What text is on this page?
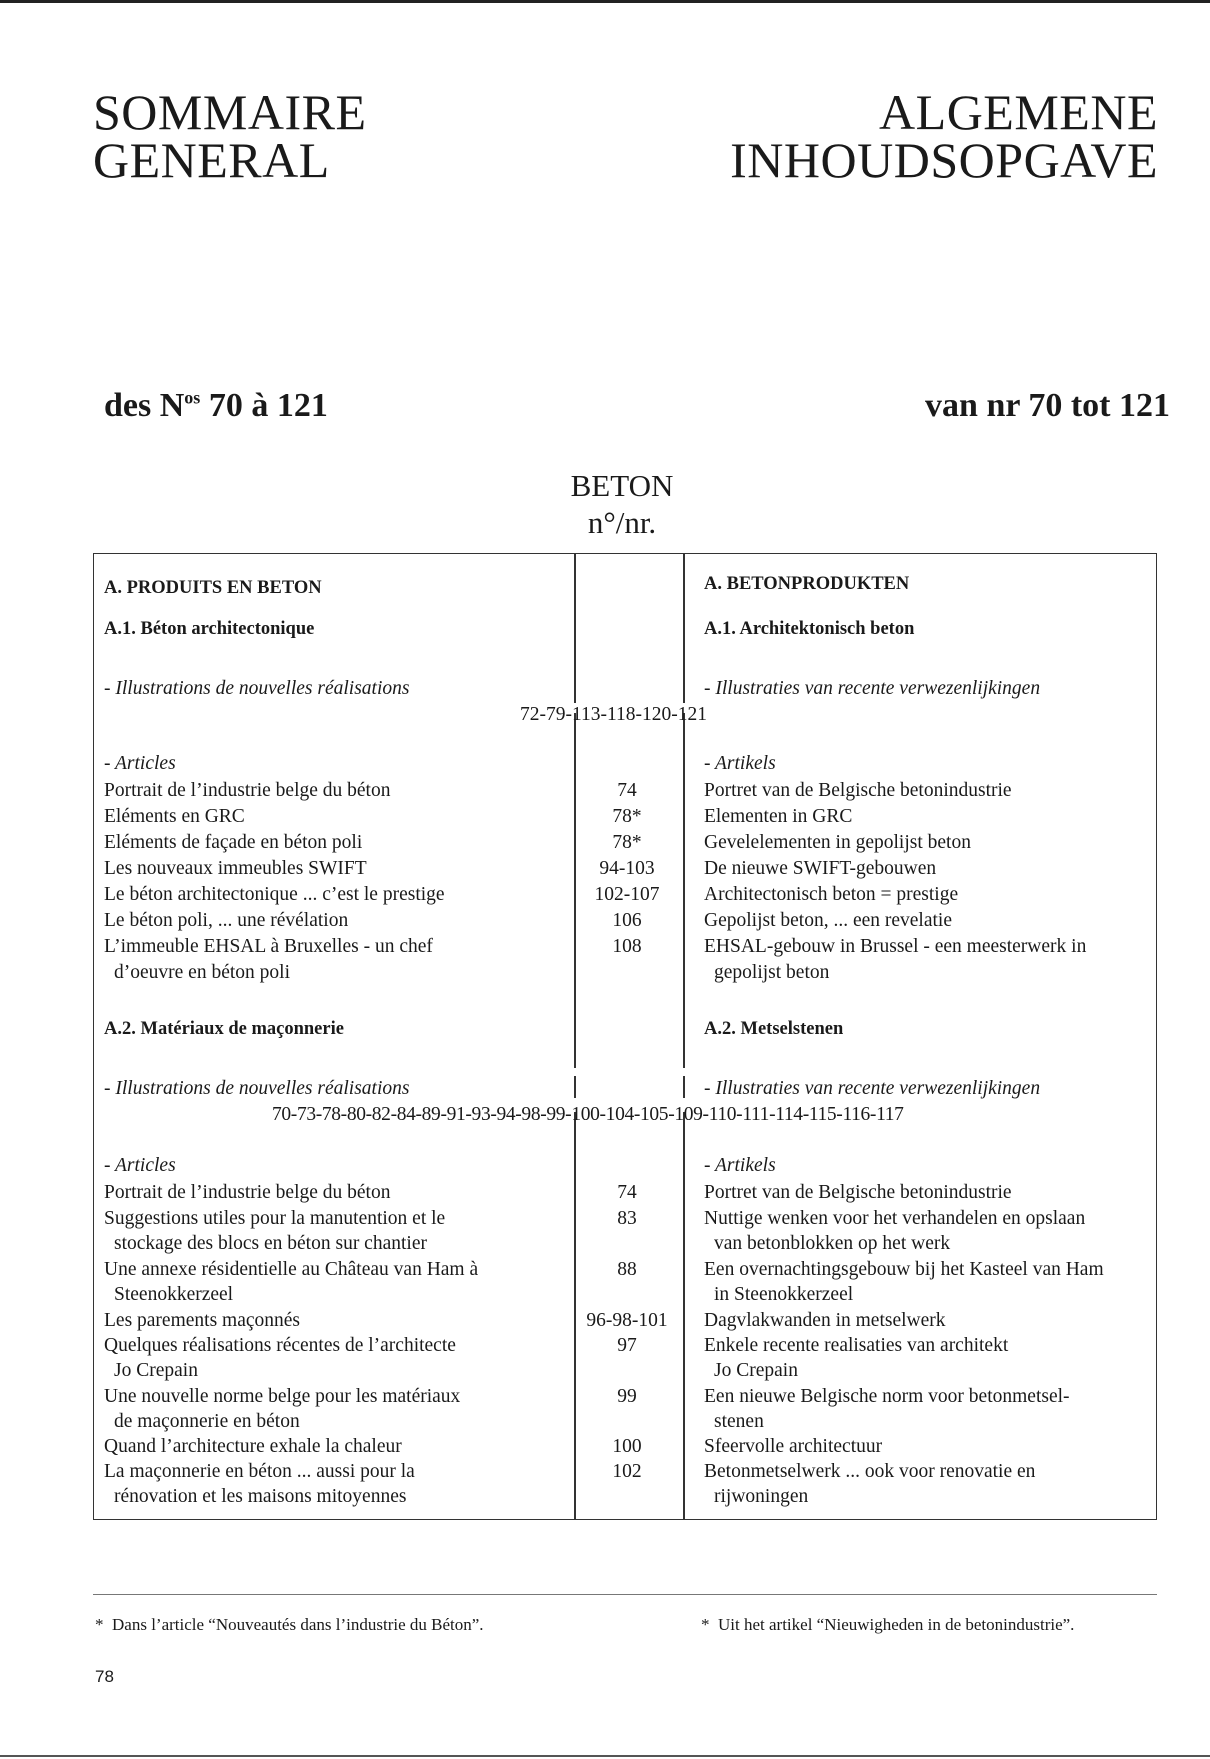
SOMMAIRE
GENERAL
ALGEMENE
INHOUDSOPGAVE
des $N^{os}$ 70 à 121	van nr 70 tot 121
BETON
n°/nr.
A. PRODUITS EN BETON	A. BETONPRODUKTEN
A.1. Béton architectonique	A.1. Architektonisch beton
- Illustrations de nouvelles réalisations	- Illustraties van recente verwezenlijkingen
72-79-113-118-120-121
- Articles	- Artikels
Portrait de l’industrie belge du béton	74	Portret van de Belgische betonindustrie
Eléments en GRC	78*	Elementen in GRC
Eléments de façade en béton poli	78*	Gevelelementen in gepolijst beton
Les nouveaux immeubles SWIFT	94-103	De nieuwe SWIFT-gebouwen
Le béton architectonique ... c’est le prestige	102-107	Architectonisch beton = prestige
Le béton poli, ... une révélation	106	Gepolijst beton, ... een revelatie
L’immeuble EHSAL à Bruxelles - un chef
d’oeuvre en béton poli
108	EHSAL-gebouw in Brussel - een meesterwerk in
gepolijst beton
A.2. Matériaux de maçonnerie	A.2. Metselstenen
- Illustrations de nouvelles réalisations	- Illustraties van recente verwezenlijkingen
70-73-78-80-82-84-89-91-93-94-98-99-100-104-105-109-110-111-114-115-116-117
- Articles	- Artikels
Portrait de l’industrie belge du béton	74	Portret van de Belgische betonindustrie
Suggestions utiles pour la manutention et le
stockage des blocs en béton sur chantier
83	Nuttige wenken voor het verhandelen en opslaan
van betonblokken op het werk
Une annexe résidentielle au Château van Ham à
Steenokkerzeel
88	Een overnachtingsgebouw bij het Kasteel van Ham
in Steenokkerzeel
Les parements maçonnés	96-98-101	Dagvlakwanden in metselwerk
Quelques réalisations récentes de l’architecte
Jo Crepain
97	Enkele recente realisaties van architekt
Jo Crepain
Une nouvelle norme belge pour les matériaux
de maçonnerie en béton
99	Een nieuwe Belgische norm voor betonmetsel-
stenen
Quand l’architecture exhale la chaleur	100	Sfeervolle architectuur
La maçonnerie en béton ... aussi pour la
rénovation et les maisons mitoyennes
102	Betonmetselwerk ... ook voor renovatie en
rijwoningen
* Dans l’article “Nouveautés dans l’industrie du Béton”.	* Uit het artikel “Nieuwigheden in de betonindustrie”.
78
